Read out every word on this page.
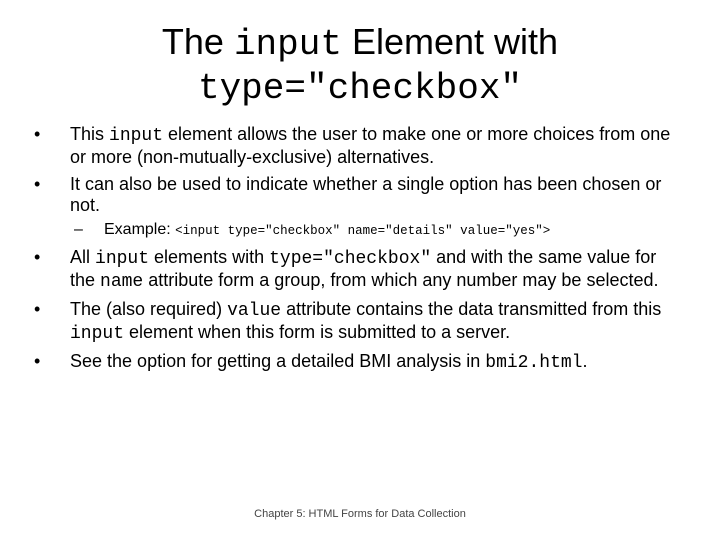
The input Element with
type="checkbox"
•	This input element allows the user to make one or more choices from one or more (non-mutually-exclusive) alternatives.
•	It can also be used to indicate whether a single option has been chosen or not.
– Example: <input type="checkbox" name="details" value="yes">
•	All input elements with type="checkbox" and with the same value for the name attribute form a group, from which any number may be selected.
•	The (also required) value attribute contains the data transmitted from this input element when this form is submitted to a server.
•	See the option for getting a detailed BMI analysis in bmi2.html.
Chapter 5: HTML Forms for Data Collection
